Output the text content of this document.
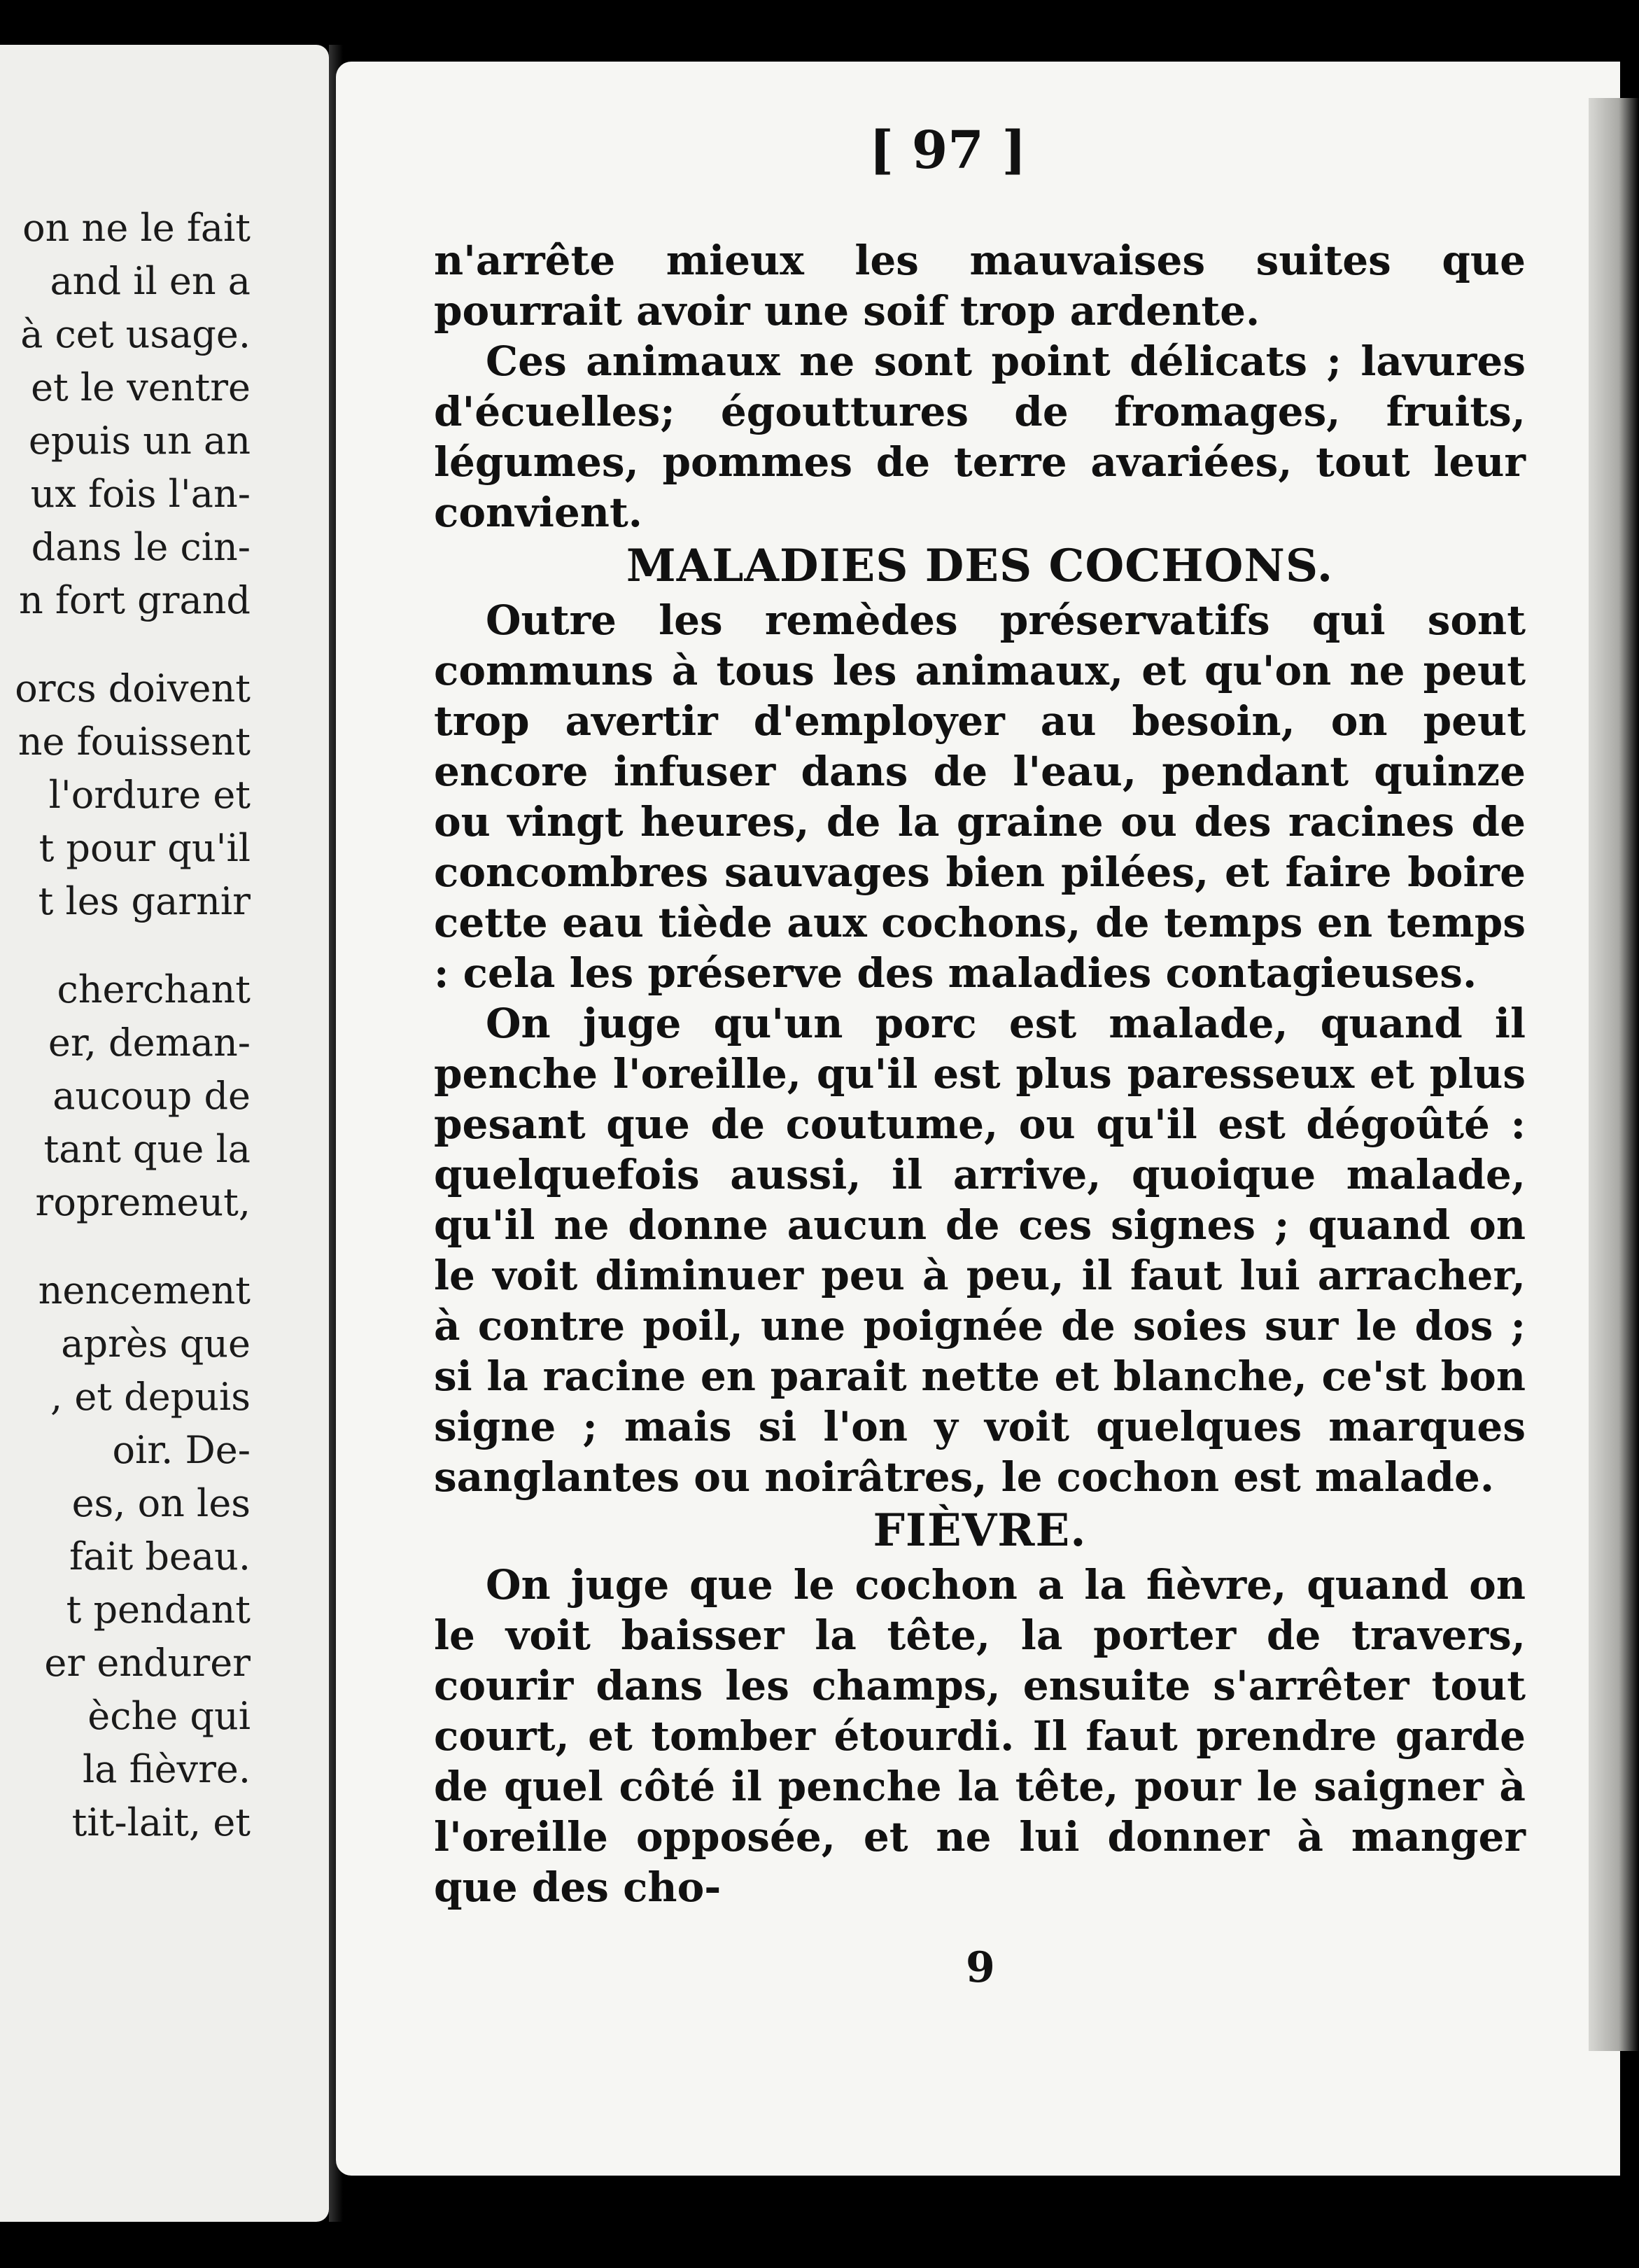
on ne le fait
and il en a
à cet usage.
et le ventre
epuis un an
ux fois l'an-
dans le cin-
n fort grand
orcs doivent
ne fouissent
l'ordure et
t pour qu'il
t les garnir
cherchant
er, deman-
aucoup de
tant que la
ropremeut,
nencement
après que
, et depuis
oir. De-
es, on les
fait beau.
t pendant
er endurer
èche qui
la fièvre.
tit-lait, et
[ 97 ]

n'arrête mieux les mauvaises suites que pourrait avoir une soif trop ardente.

Ces animaux ne sont point délicats ; lavures d'écuelles; égouttures de fromages, fruits, légumes, pommes de terre avariées, tout leur convient.

MALADIES DES COCHONS.

Outre les remèdes préservatifs qui sont communs à tous les animaux, et qu'on ne peut trop avertir d'employer au besoin, on peut encore infuser dans de l'eau, pendant quinze ou vingt heures, de la graine ou des racines de concombres sauvages bien pilées, et faire boire cette eau tiède aux cochons, de temps en temps : cela les préserve des maladies contagieuses.

On juge qu'un porc est malade, quand il penche l'oreille, qu'il est plus paresseux et plus pesant que de coutume, ou qu'il est dégoûté : quelquefois aussi, il arrive, quoique malade, qu'il ne donne aucun de ces signes ; quand on le voit diminuer peu à peu, il faut lui arracher, à contre poil, une poignée de soies sur le dos ; si la racine en parait nette et blanche, ce'st bon signe ; mais si l'on y voit quelques marques sanglantes ou noirâtres, le cochon est malade.

FIÈVRE.

On juge que le cochon a la fièvre, quand on le voit baisser la tête, la porter de travers, courir dans les champs, ensuite s'arrêter tout court, et tomber étourdi. Il faut prendre garde de quel côté il penche la tête, pour le saigner à l'oreille opposée, et ne lui donner à manger que des cho-

9
